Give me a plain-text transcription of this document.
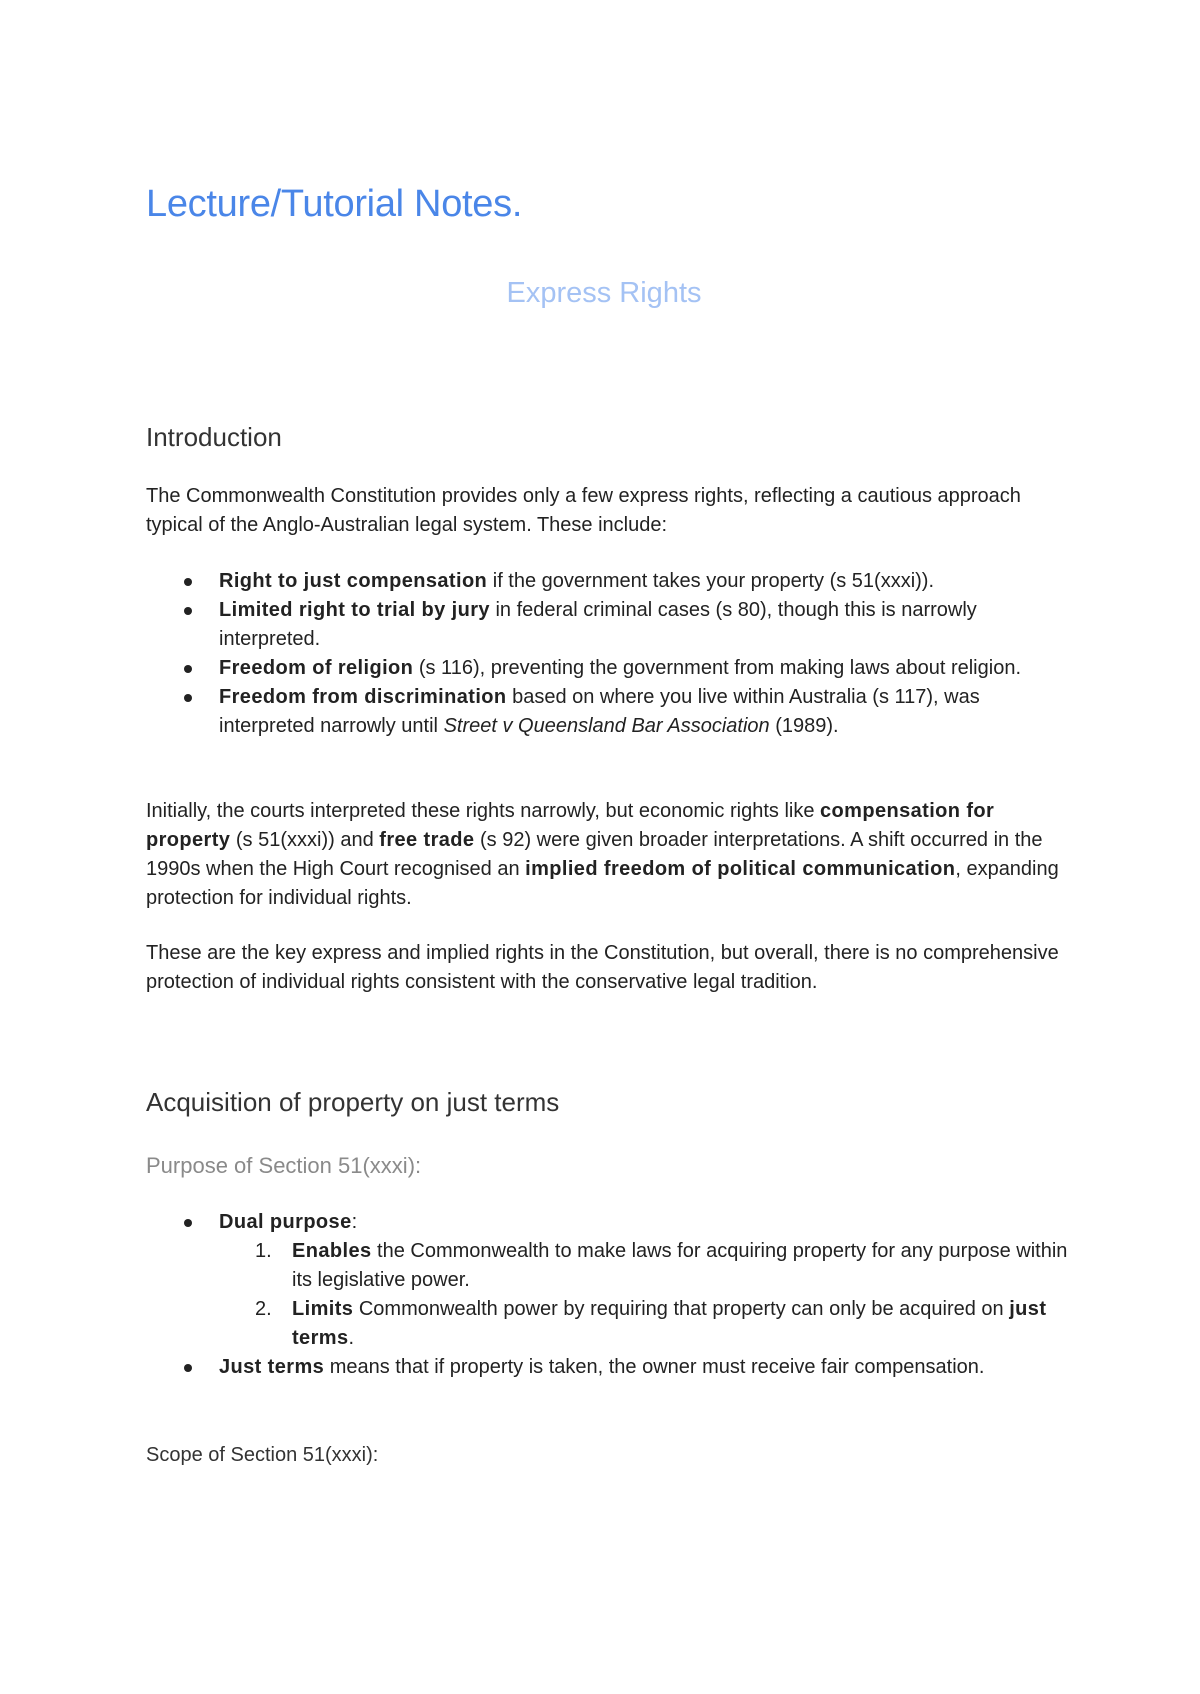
Lecture/Tutorial Notes.
Express Rights
Introduction

The Commonwealth Constitution provides only a few express rights, reflecting a cautious approach typical of the Anglo-Australian legal system. These include:

Right to just compensation if the government takes your property (s 51(xxxi)).
Limited right to trial by jury in federal criminal cases (s 80), though this is narrowly interpreted.
Freedom of religion (s 116), preventing the government from making laws about religion.
Freedom from discrimination based on where you live within Australia (s 117), was interpreted narrowly until Street v Queensland Bar Association (1989).

Initially, the courts interpreted these rights narrowly, but economic rights like compensation for property (s 51(xxxi)) and free trade (s 92) were given broader interpretations. A shift occurred in the 1990s when the High Court recognised an implied freedom of political communication, expanding protection for individual rights.

These are the key express and implied rights in the Constitution, but overall, there is no comprehensive protection of individual rights consistent with the conservative legal tradition.

Acquisition of property on just terms
Purpose of Section 51(xxxi):
Dual purpose:
1. Enables the Commonwealth to make laws for acquiring property for any purpose within its legislative power.
2. Limits Commonwealth power by requiring that property can only be acquired on just terms.
Just terms means that if property is taken, the owner must receive fair compensation.
Scope of Section 51(xxxi):
